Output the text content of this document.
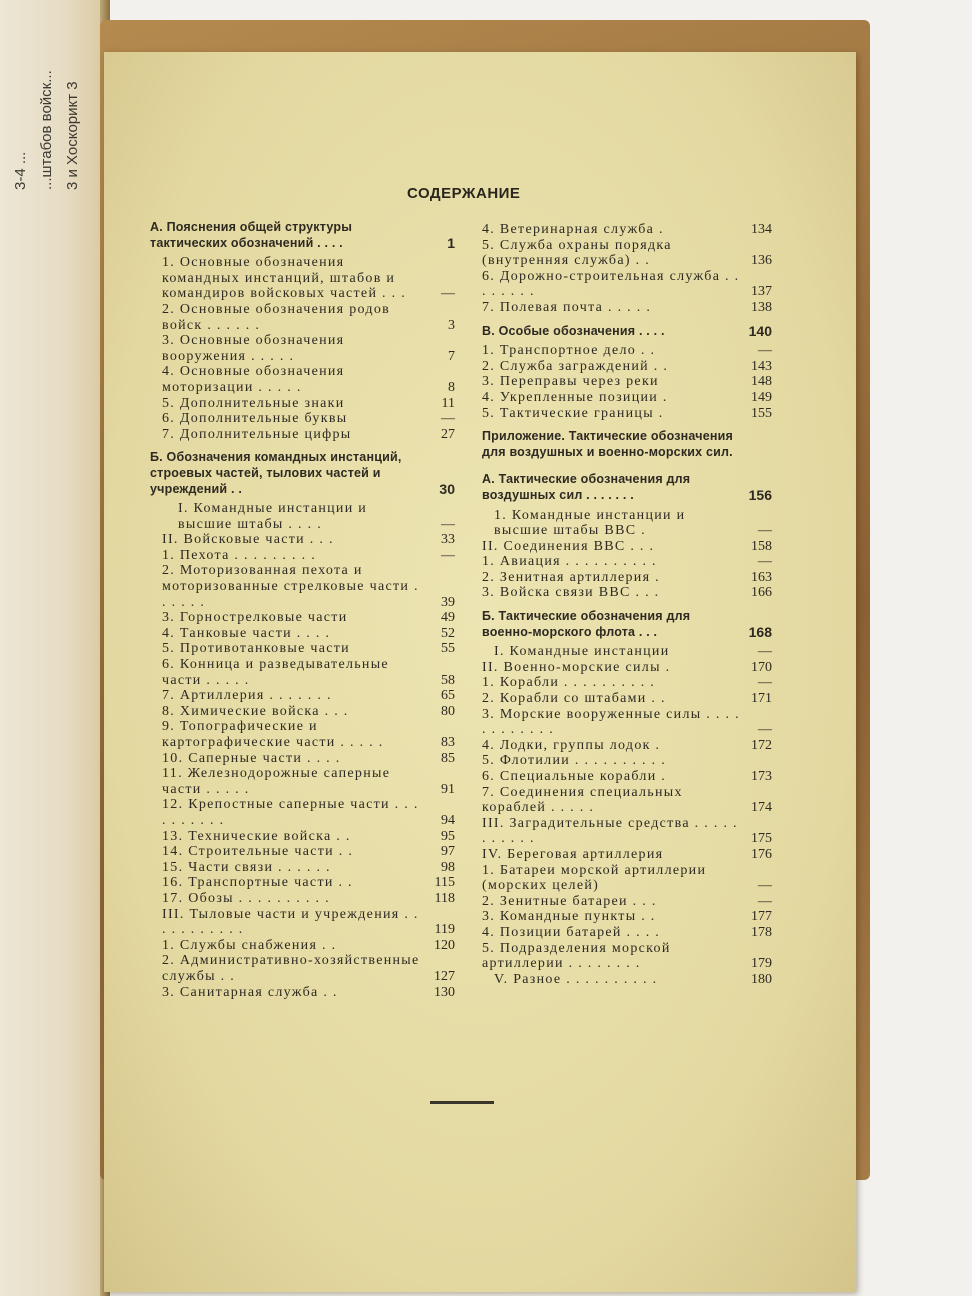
3-4 ... ...штабов войск... 3 и Хоскорикт 3
СОДЕРЖАНИЕ
А. Пояснения общей структуры тактических обозначений . . . .	1
1. Основные обозначения командных инстанций, штабов и командиров войсковых частей . . . —
2. Основные обозначения родов войск . . . . . .	3
3. Основные обозначения вооружения . . . . .	7
4. Основные обозначения моторизации . . . . .	8
5. Дополнительные знаки	11
6. Дополнительные буквы	—
7. Дополнительные цифры	27
Б. Обозначения командных инстанций, строевых частей, тылових частей и учреждений . .	30
I. Командные инстанции и высшие штабы . . . .	—
II. Войсковые части . . .	33
1. Пехота . . . . . . . . .	—
2. Моторизованная пехота и моторизованные стрелковые части . . . . . .	39
3. Горнострелковые части	49
4. Танковые части . . . .	52
5. Противотанковые части	55
6. Конница и разведывательные части . . . . .	58
7. Артиллерия . . . . . . .	65
8. Химические войска . . .	80
9. Топографические и картографические части . . . . .	83
10. Саперные части . . . .	85
11. Железнодорожные саперные части . . . . .	91
12. Крепостные саперные части . . . . . . . . . .	94
13. Технические войска . .	95
14. Строительные части . .	97
15. Части связи . . . . . .	98
16. Транспортные части . .	115
17. Обозы . . . . . . . . . .	118
III. Тыловые части и учреждения . . . . . . . . . . .	119
1. Службы снабжения . .	120
2. Административно-хозяйственные службы . .	127
3. Санитарная служба . .	130
4. Ветеринарная служба .	134
5. Служба охраны порядка (внутренняя служба) . .	136
6. Дорожно-строительная служба . . . . . . . .	137
7. Полевая почта . . . . .	138
В. Особые обозначения . . . .	140
1. Транспортное дело . .	—
2. Служба заграждений . .	143
3. Переправы через реки	148
4. Укрепленные позиции .	149
5. Тактические границы .	155
Приложение. Тактические обозначения для воздушных и военно-морских сил.
А. Тактические обозначения для воздушных сил . . . . . . .	156
1. Командные инстанции и высшие штабы ВВС .	—
II. Соединения ВВС . . .	158
1. Авиация . . . . . . . . . .	—
2. Зенитная артиллерия .	163
3. Войска связи ВВС . . .	166
Б. Тактические обозначения для военно-морского флота . . .	168
I. Командные инстанции	—
II. Военно-морские силы .	170
1. Корабли . . . . . . . . . .	—
2. Корабли со штабами . .	171
3. Морские вооруженные силы . . . . . . . . . . . .	—
4. Лодки, группы лодок .	172
5. Флотилии . . . . . . . . . .
6. Специальные корабли .	173
7. Соединения специальных кораблей . . . . .	174
III. Заградительные средства . . . . . . . . . . .	175
IV. Береговая артиллерия	176
1. Батареи морской артиллерии (морских целей)	—
2. Зенитные батареи . . .	—
3. Командные пункты . .	177
4. Позиции батарей . . . .	178
5. Подразделения морской артиллерии . . . . . . . .	179
V. Разное . . . . . . . . . .	180
